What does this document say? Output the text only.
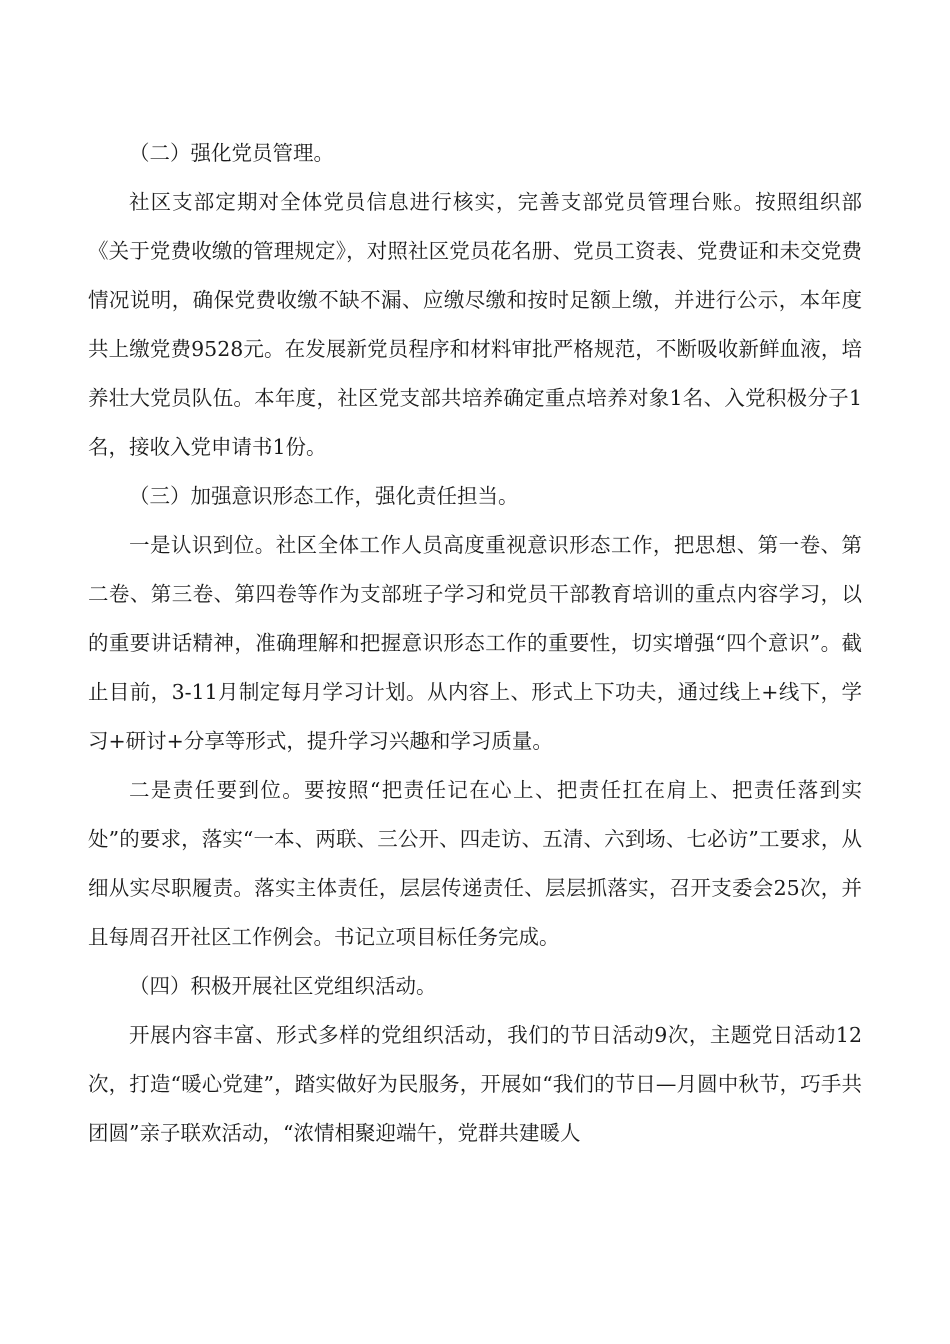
（二）强化党员管理。

社区支部定期对全体党员信息进行核实，完善支部党员管理台账。按照组织部《关于党费收缴的管理规定》，对照社区党员花名册、党员工资表、党费证和未交党费情况说明，确保党费收缴不缺不漏、应缴尽缴和按时足额上缴，并进行公示，本年度共上缴党费9528元。在发展新党员程序和材料审批严格规范，不断吸收新鲜血液，培养壮大党员队伍。本年度，社区党支部共培养确定重点培养对象1名、入党积极分子1名，接收入党申请书1份。

（三）加强意识形态工作，强化责任担当。

一是认识到位。社区全体工作人员高度重视意识形态工作，把思想、第一卷、第二卷、第三卷、第四卷等作为支部班子学习和党员干部教育培训的重点内容学习，以的重要讲话精神，准确理解和把握意识形态工作的重要性，切实增强“四个意识”。截止目前，3-11月制定每月学习计划。从内容上、形式上下功夫，通过线上+线下，学习+研讨+分享等形式，提升学习兴趣和学习质量。

二是责任要到位。要按照“把责任记在心上、把责任扛在肩上、把责任落到实处”的要求，落实“一本、两联、三公开、四走访、五清、六到场、七必访”工要求，从细从实尽职履责。落实主体责任，层层传递责任、层层抓落实，召开支委会25次，并且每周召开社区工作例会。书记立项目标任务完成。

（四）积极开展社区党组织活动。

开展内容丰富、形式多样的党组织活动，我们的节日活动9次，主题党日活动12次，打造“暖心党建”，踏实做好为民服务，开展如“我们的节日—月圆中秋节，巧手共团圆”亲子联欢活动，“浓情相聚迎端午，党群共建暖人
